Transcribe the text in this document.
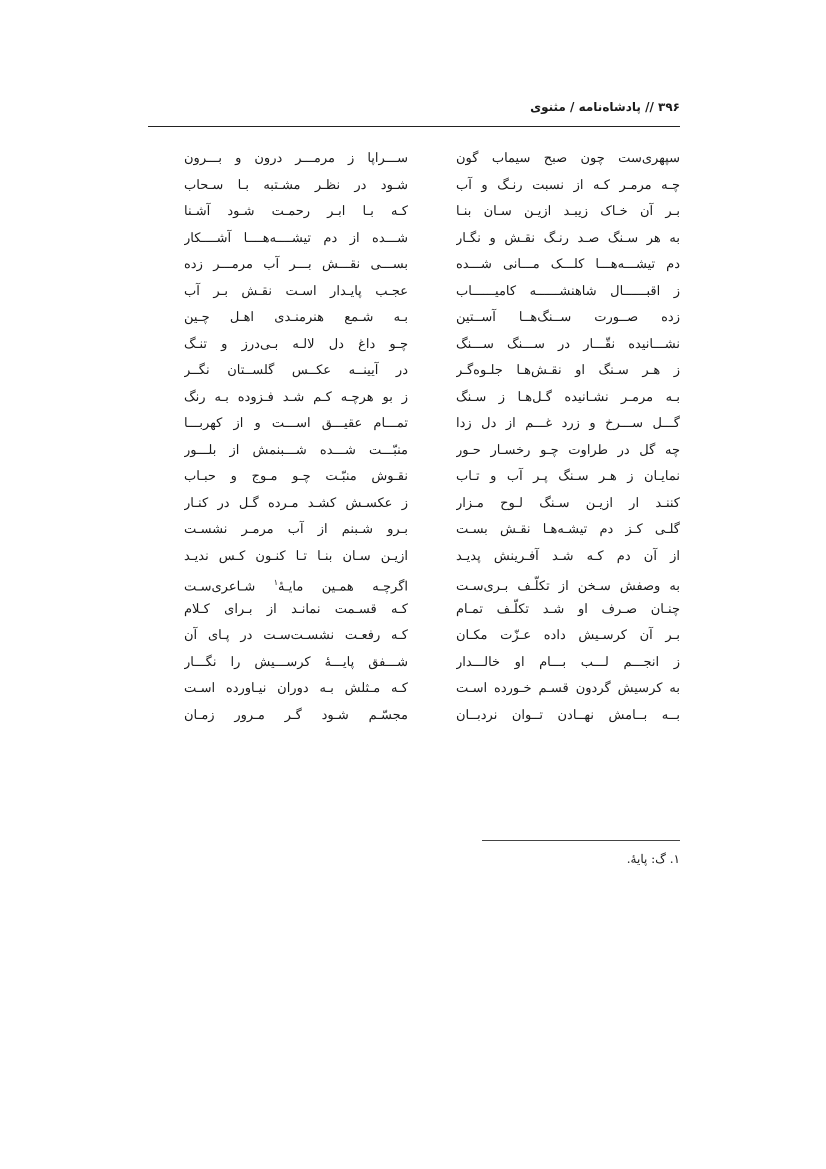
۳۹۶ // پادشاه‌نامه / مثنوی
سپهری‌ست چون صبح سیماب گونســـراپا ز مرمـــر درون و بـــرون
چـه مرمـر کـه از نسبت رنـگ و آبشـود در نظـر مشـتبه بـا سـحاب
بـر آن خـاک زیبـد ازیـن سـان بنـاکـه بـا ابـر رحمـت شـود آشـنا
به هر سـنگ صـد رنـگ نقـش و نگـارشـــده از دم تیشــــه‌هــــا آشــــکار
دم تیشـــه‌هـــا کلـــک مـــانی شـــدهبســـی نقـــش بـــر آب مرمـــر زده
ز اقبــــــال شاهنشــــــه کامیــــــابعجـب پایـدار اسـت نقـش بـر آب
زده صــورت ســنگ‌هــا آســتینبـه شـمع هنرمنـدی اهـل چـین
نشـــانیده نقّـــار در ســـنگ ســـنگچـو داغ دل لالـه بـی‌درز و تنـگ
ز هـر سـنگ او نقـش‌هـا جلـوه‌گـردر آیینــه عکــس گلســتان نگــر
بـه مرمـر نشـانیده گـل‌هـا ز سـنگز بو هرچـه کـم شـد فـزوده بـه رنگ
گـــل ســـرخ و زرد غـــم از دل زداتمـــام عقیـــق اســـت و از کهربـــا
چه گل در طراوت چـو رخسـار حـورمنبّـــت شـــده شـــبنمش از بلـــور
نمایـان ز هـر سـنگ پـر آب و تـابنقـوش منبّـت چـو مـوج و حبـاب
کننـد ار ازیـن سـنگ لـوح مـزارز عکسـش کشـد مـرده گـل در کنـار
گلـی کـز دم تیشـه‌هـا نقـش بسـتبـرو شـبنم از آب مرمـر نشسـت
از آن دم کـه شـد آفـرینش پدیـدازیـن سـان بنـا تـا کنـون کـس ندیـد
به وصفش سـخن از تکلّـف بـری‌سـتاگرچـه همـین مایـهٔ$^۱$ شـاعری‌سـت
چنـان صـرف او شـد تکلّـف تمـامکـه قسـمت نمانـد از بـرای کـلام
بـر آن کرسـیش داده عـزّت مکـانکـه رفعـت نشسـت‌سـت در پـای آن
ز انجـــم لـــب بـــام او خالـــدارشـــفق پایـــهٔ کرســـیش را نگـــار
به کرسیش گردون قسـم خـورده اسـتکـه مـثلش بـه دوران نیـاورده اسـت
بــه بــامش نهــادن تــوان نردبــانمجسّـم شـود گـر مـرور زمـان
۱. گ: پایهٔ.
